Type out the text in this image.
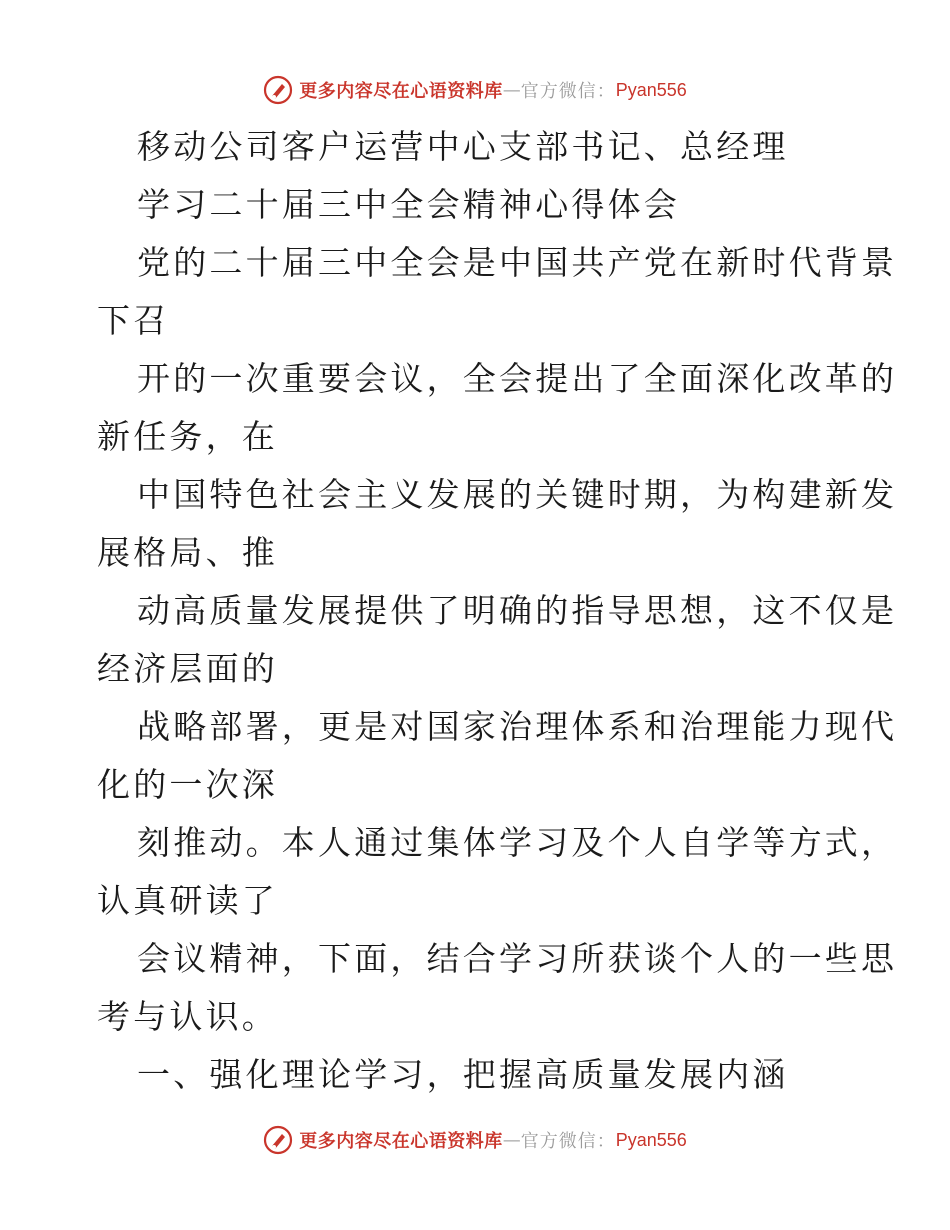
更多内容尽在心语资料库 — 官方微信： Pyan556
移动公司客户运营中心支部书记、总经理
学习二十届三中全会精神心得体会
党的二十届三中全会是中国共产党在新时代背景
下召
开的一次重要会议，全会提出了全面深化改革的
新任务，在
中国特色社会主义发展的关键时期，为构建新发
展格局、推
动高质量发展提供了明确的指导思想，这不仅是
经济层面的
战略部署，更是对国家治理体系和治理能力现代
化的一次深
刻推动。本人通过集体学习及个人自学等方式，
认真研读了
会议精神，下面，结合学习所获谈个人的一些思
考与认识。
一、强化理论学习，把握高质量发展内涵
更多内容尽在心语资料库 — 官方微信： Pyan556
